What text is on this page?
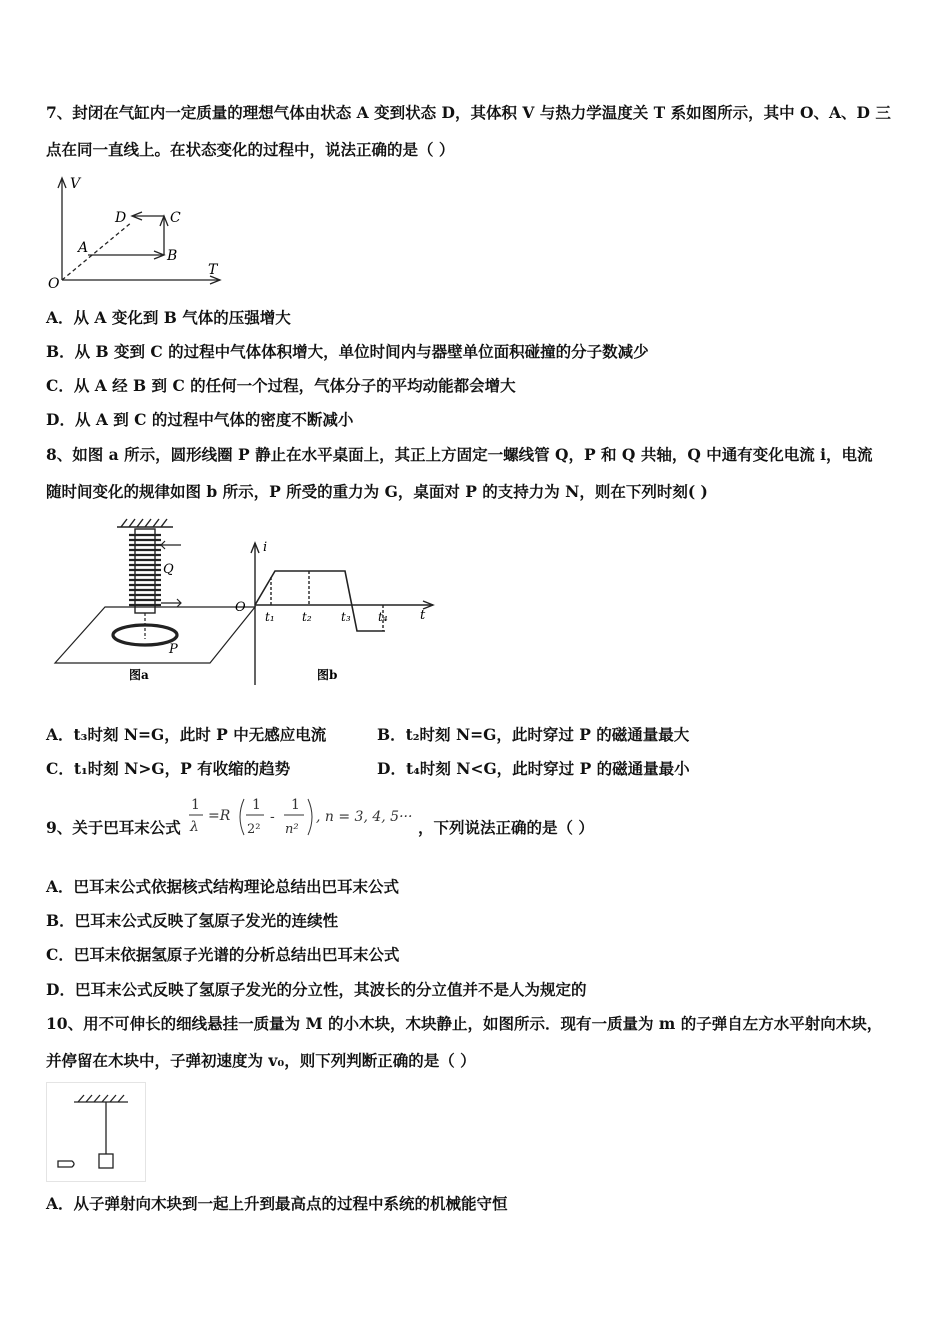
7、封闭在气缸内一定质量的理想气体由状态 A 变到状态 D，其体积 V 与热力学温度关 T 系如图所示，其中 O、A、D 三
点在同一直线上。在状态变化的过程中，说法正确的是（ ）
V
T
O
A	B
C
D
A．从 A 变化到 B 气体的压强增大
B．从 B 变到 C 的过程中气体体积增大，单位时间内与器壁单位面积碰撞的分子数减少
C．从 A 经 B 到 C 的任何一个过程，气体分子的平均动能都会增大
D．从 A 到 C 的过程中气体的密度不断减小
8、如图 a 所示，圆形线圈 P 静止在水平桌面上，其正上方固定一螺线管 Q，P 和 Q 共轴，Q 中通有变化电流 i，电流
随时间变化的规律如图 b 所示，P 所受的重力为 G，桌面对 P 的支持力为 N，则在下列时刻( )
Q
P
图a
i
O
t
t₁ t₂ t₃ t₄
图b
A．t₃时刻 N=G，此时 P 中无感应电流	B．t₂时刻 N=G，此时穿过 P 的磁通量最大
C．t₁时刻 N>G，P 有收缩的趋势	D．t₄时刻 N<G，此时穿过 P 的磁通量最小
9、关于巴耳末公式
1
λ
=R
1
2²
-
1
n²
, n = 3, 4, 5···
，下列说法正确的是（ ）
A．巴耳末公式依据核式结构理论总结出巴耳末公式
B．巴耳末公式反映了氢原子发光的连续性
C．巴耳末依据氢原子光谱的分析总结出巴耳末公式
D．巴耳末公式反映了氢原子发光的分立性，其波长的分立值并不是人为规定的
10、用不可伸长的细线悬挂一质量为 M 的小木块，木块静止，如图所示．现有一质量为 m 的子弹自左方水平射向木块，
并停留在木块中，子弹初速度为 v₀，则下列判断正确的是（ ）
A．从子弹射向木块到一起上升到最高点的过程中系统的机械能守恒
